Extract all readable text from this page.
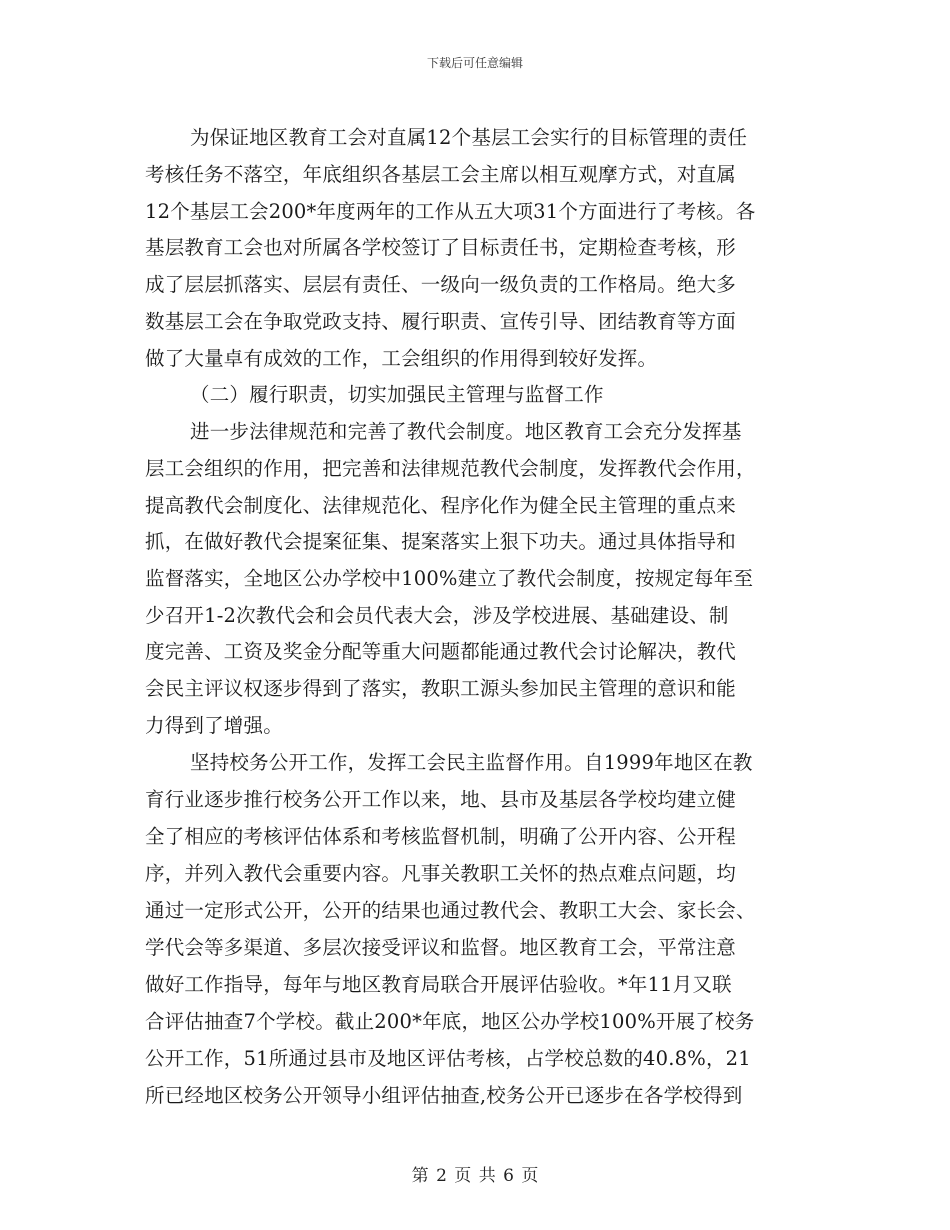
下载后可任意编辑
为保证地区教育工会对直属12个基层工会实行的目标管理的责任
考核任务不落空，年底组织各基层工会主席以相互观摩方式，对直属
12个基层工会200*年度两年的工作从五大项31个方面进行了考核。各
基层教育工会也对所属各学校签订了目标责任书，定期检查考核，形
成了层层抓落实、层层有责任、一级向一级负责的工作格局。绝大多
数基层工会在争取党政支持、履行职责、宣传引导、团结教育等方面
做了大量卓有成效的工作，工会组织的作用得到较好发挥。
（二）履行职责，切实加强民主管理与监督工作
进一步法律规范和完善了教代会制度。地区教育工会充分发挥基
层工会组织的作用，把完善和法律规范教代会制度，发挥教代会作用，
提高教代会制度化、法律规范化、程序化作为健全民主管理的重点来
抓，在做好教代会提案征集、提案落实上狠下功夫。通过具体指导和
监督落实，全地区公办学校中100%建立了教代会制度，按规定每年至
少召开1-2次教代会和会员代表大会，涉及学校进展、基础建设、制
度完善、工资及奖金分配等重大问题都能通过教代会讨论解决，教代
会民主评议权逐步得到了落实，教职工源头参加民主管理的意识和能
力得到了增强。
坚持校务公开工作，发挥工会民主监督作用。自1999年地区在教
育行业逐步推行校务公开工作以来，地、县市及基层各学校均建立健
全了相应的考核评估体系和考核监督机制，明确了公开内容、公开程
序，并列入教代会重要内容。凡事关教职工关怀的热点难点问题，均
通过一定形式公开，公开的结果也通过教代会、教职工大会、家长会、
学代会等多渠道、多层次接受评议和监督。地区教育工会，平常注意
做好工作指导，每年与地区教育局联合开展评估验收。*年11月又联
合评估抽查7个学校。截止200*年底，地区公办学校100%开展了校务
公开工作，51所通过县市及地区评估考核，占学校总数的40.8%，21
所已经地区校务公开领导小组评估抽查,校务公开已逐步在各学校得到
第 2 页 共 6 页
